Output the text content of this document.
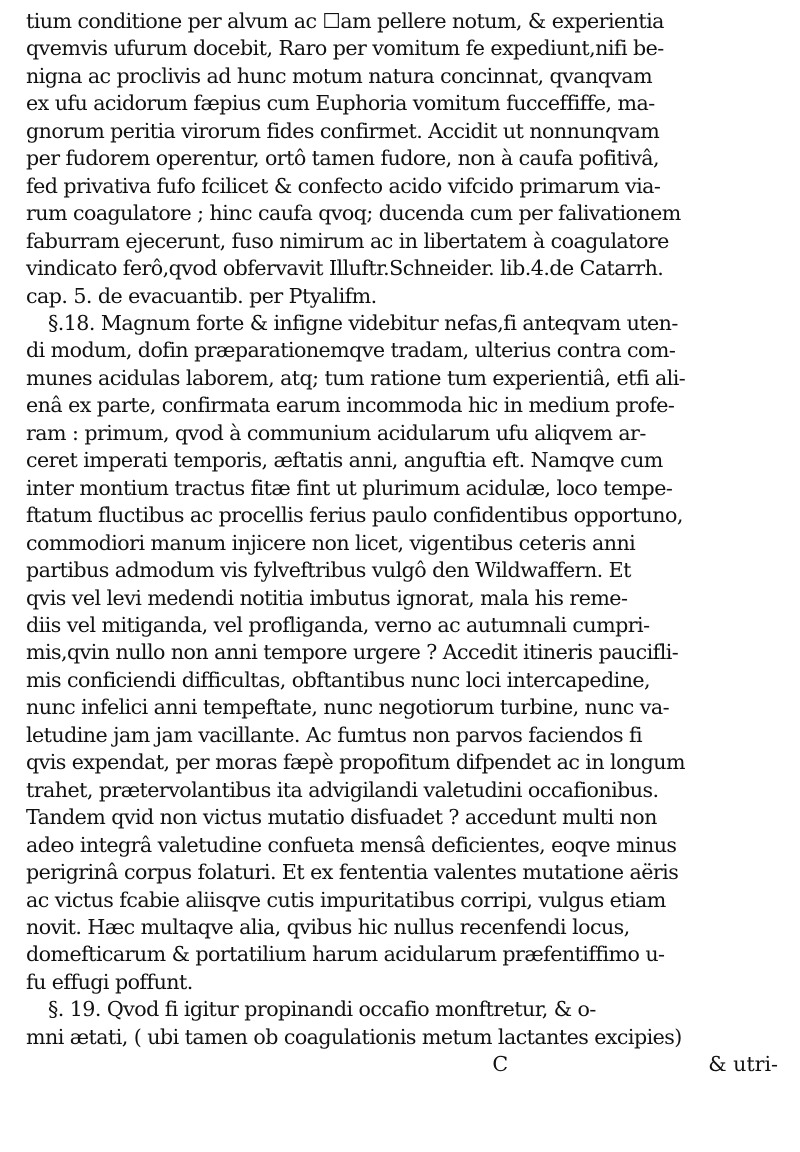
tium conditione per alvum ac ☐am pellere notum, & experientia
qvemvis ufurum docebit, Raro per vomitum fe expediunt,nifi be-
nigna ac proclivis ad hunc motum natura concinnat, qvanqvam
ex ufu acidorum fæpius cum Euphoria vomitum fucceffiffe, ma-
gnorum peritia virorum fides confirmet. Accidit ut nonnunqvam
per fudorem operentur, ortô tamen fudore, non à caufa pofitivâ,
fed privativa fufo fcilicet & confecto acido vifcido primarum via-
rum coagulatore ; hinc caufa qvoq; ducenda cum per falivationem
faburram ejecerunt, fuso nimirum ac in libertatem à coagulatore
vindicato ferô,qvod obfervavit Illuftr.Schneider. lib.4.de Catarrh.
cap. 5. de evacuantib. per Ptyalifm.
§.18. Magnum forte & infigne videbitur nefas,fi anteqvam uten-
di modum, dofin præparationemqve tradam, ulterius contra com-
munes acidulas laborem, atq; tum ratione tum experientiâ, etfi ali-
enâ ex parte, confirmata earum incommoda hic in medium profe-
ram : primum, qvod à communium acidularum ufu aliqvem ar-
ceret imperati temporis, æftatis anni, anguftia eft. Namqve cum
inter montium tractus fitæ fint ut plurimum acidulæ, loco tempe-
ftatum fluctibus ac procellis ferius paulo confidentibus opportuno,
commodiori manum injicere non licet, vigentibus ceteris anni
partibus admodum vis fylveftribus vulgô den Wildwaffern. Et
qvis vel levi medendi notitia imbutus ignorat, mala his reme-
diis vel mitiganda, vel profliganda, verno ac autumnali cumpri-
mis,qvin nullo non anni tempore urgere ? Accedit itineris paucifli-
mis conficiendi difficultas, obftantibus nunc loci intercapedine,
nunc infelici anni tempeftate, nunc negotiorum turbine, nunc va-
letudine jam jam vacillante. Ac fumtus non parvos faciendos fi
qvis expendat, per moras fæpè propofitum difpendet ac in longum
trahet, prætervolantibus ita advigilandi valetudini occafionibus.
Tandem qvid non victus mutatio disfuadet ? accedunt multi non
adeo integrâ valetudine confueta mensâ deficientes, eoqve minus
perigrinâ corpus folaturi. Et ex fententia valentes mutatione aëris
ac victus fcabie aliisqve cutis impuritatibus corripi, vulgus etiam
novit. Hæc multaqve alia, qvibus hic nullus recenfendi locus,
domefticarum & portatilium harum acidularum præfentiffimo u-
fu effugi poffunt.
§. 19. Qvod fi igitur propinandi occafio monftretur, & o-
mni ætati, ( ubi tamen ob coagulationis metum lactantes excipies)
C	& utri-
